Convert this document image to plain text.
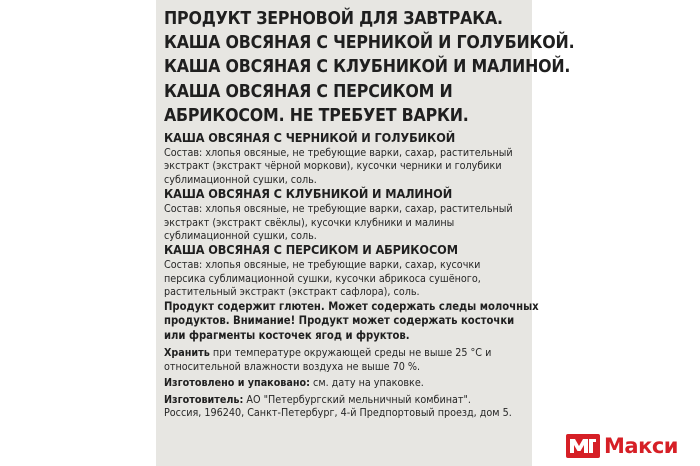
ПРОДУКТ ЗЕРНОВОЙ ДЛЯ ЗАВТРАКА.
КАША ОВСЯНАЯ С ЧЕРНИКОЙ И ГОЛУБИКОЙ.
КАША ОВСЯНАЯ С КЛУБНИКОЙ И МАЛИНОЙ.
КАША ОВСЯНАЯ С ПЕРСИКОМ И
АБРИКОСОМ. НЕ ТРЕБУЕТ ВАРКИ.
КАША ОВСЯНАЯ С ЧЕРНИКОЙ И ГОЛУБИКОЙ
Состав: хлопья овсяные, не требующие варки, сахар, растительный
экстракт (экстракт чёрной моркови), кусочки черники и голубики
сублимационной сушки, соль.
КАША ОВСЯНАЯ С КЛУБНИКОЙ И МАЛИНОЙ
Состав: хлопья овсяные, не требующие варки, сахар, растительный
экстракт (экстракт свёклы), кусочки клубники и малины
сублимационной сушки, соль.
КАША ОВСЯНАЯ С ПЕРСИКОМ И АБРИКОСОМ
Состав: хлопья овсяные, не требующие варки, сахар, кусочки
персика сублимационной сушки, кусочки абрикоса сушёного,
растительный экстракт (экстракт сафлора), соль.
Продукт содержит глютен. Может содержать следы молочных
продуктов. Внимание! Продукт может содержать косточки
или фрагменты косточек ягод и фруктов.
Хранить при температуре окружающей среды не выше 25 °С и
относительной влажности воздуха не выше 70 %.
Изготовлено и упаковано: см. дату на упаковке.
Изготовитель: АО "Петербургский мельничный комбинат".
Россия, 196240, Санкт-Петербург, 4-й Предпортовый проезд, дом 5.
Макси
